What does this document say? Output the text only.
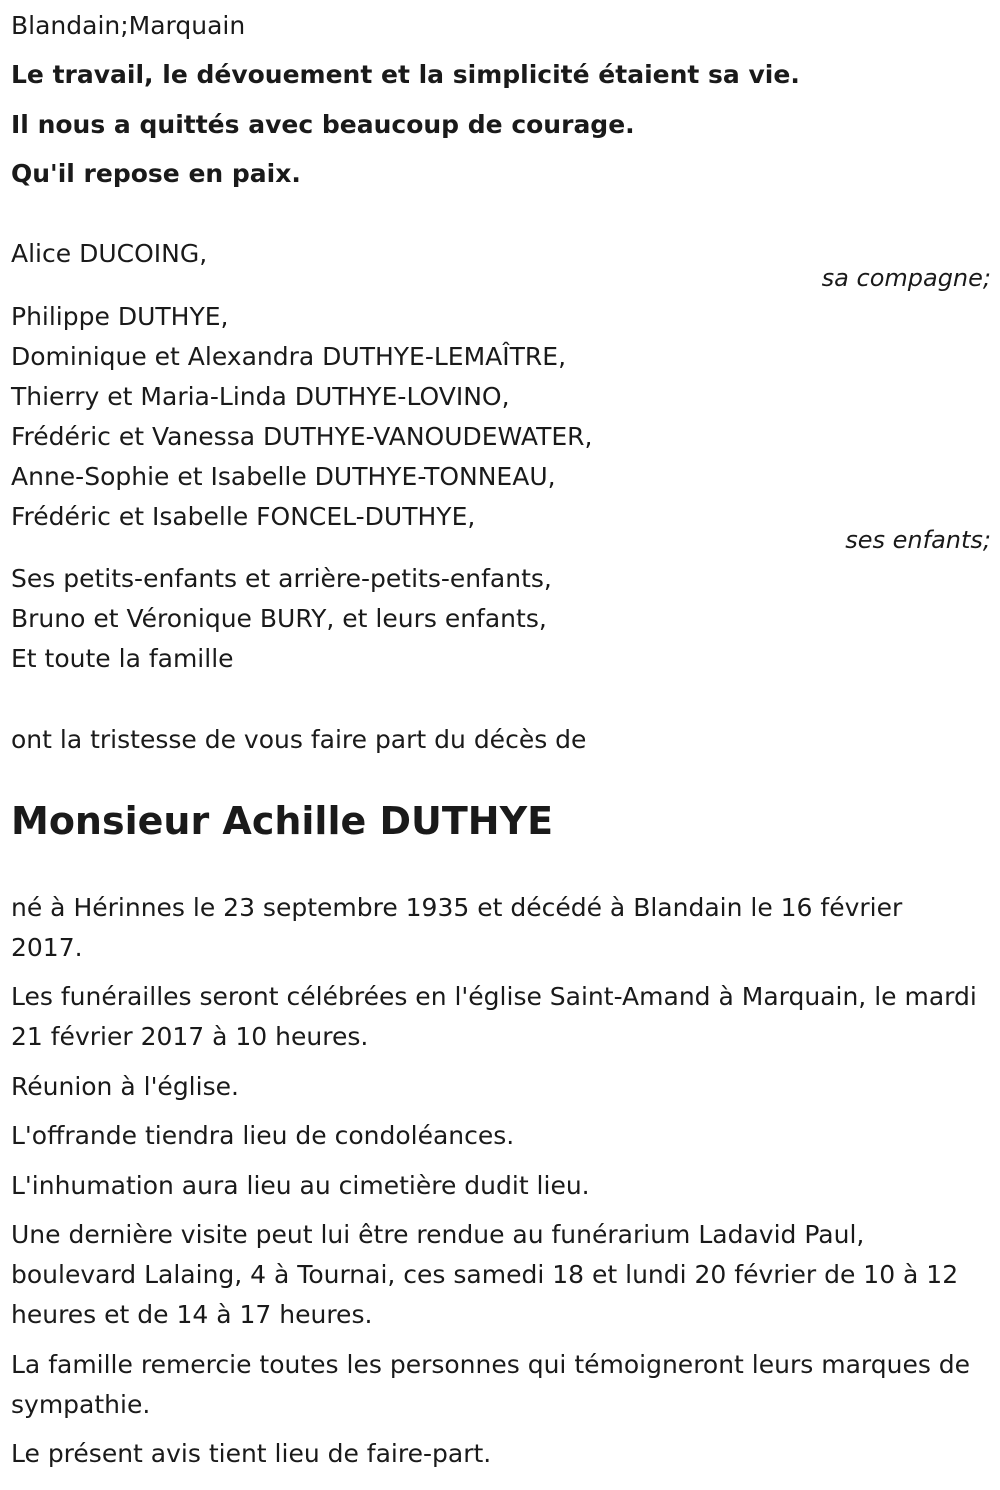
Blandain;Marquain
Le travail, le dévouement et la simplicité étaient sa vie.
Il nous a quittés avec beaucoup de courage.
Qu'il repose en paix.
Alice DUCOING,
sa compagne;
Philippe DUTHYE,
Dominique et Alexandra DUTHYE-LEMAÎTRE,
Thierry et Maria-Linda DUTHYE-LOVINO,
Frédéric et Vanessa DUTHYE-VANOUDEWATER,
Anne-Sophie et Isabelle DUTHYE-TONNEAU,
Frédéric et Isabelle FONCEL-DUTHYE,
ses enfants;
Ses petits-enfants et arrière-petits-enfants,
Bruno et Véronique BURY, et leurs enfants,
Et toute la famille
ont la tristesse de vous faire part du décès de
Monsieur Achille DUTHYE
né à Hérinnes le 23 septembre 1935 et décédé à Blandain le 16 février 2017.
Les funérailles seront célébrées en l'église Saint-Amand à Marquain, le mardi 21 février 2017 à 10 heures.
Réunion à l'église.
L'offrande tiendra lieu de condoléances.
L'inhumation aura lieu au cimetière dudit lieu.
Une dernière visite peut lui être rendue au funérarium Ladavid Paul, boulevard Lalaing, 4 à Tournai, ces samedi 18 et lundi 20 février de 10 à 12 heures et de 14 à 17 heures.
La famille remercie toutes les personnes qui témoigneront leurs marques de sympathie.
Le présent avis tient lieu de faire-part.
